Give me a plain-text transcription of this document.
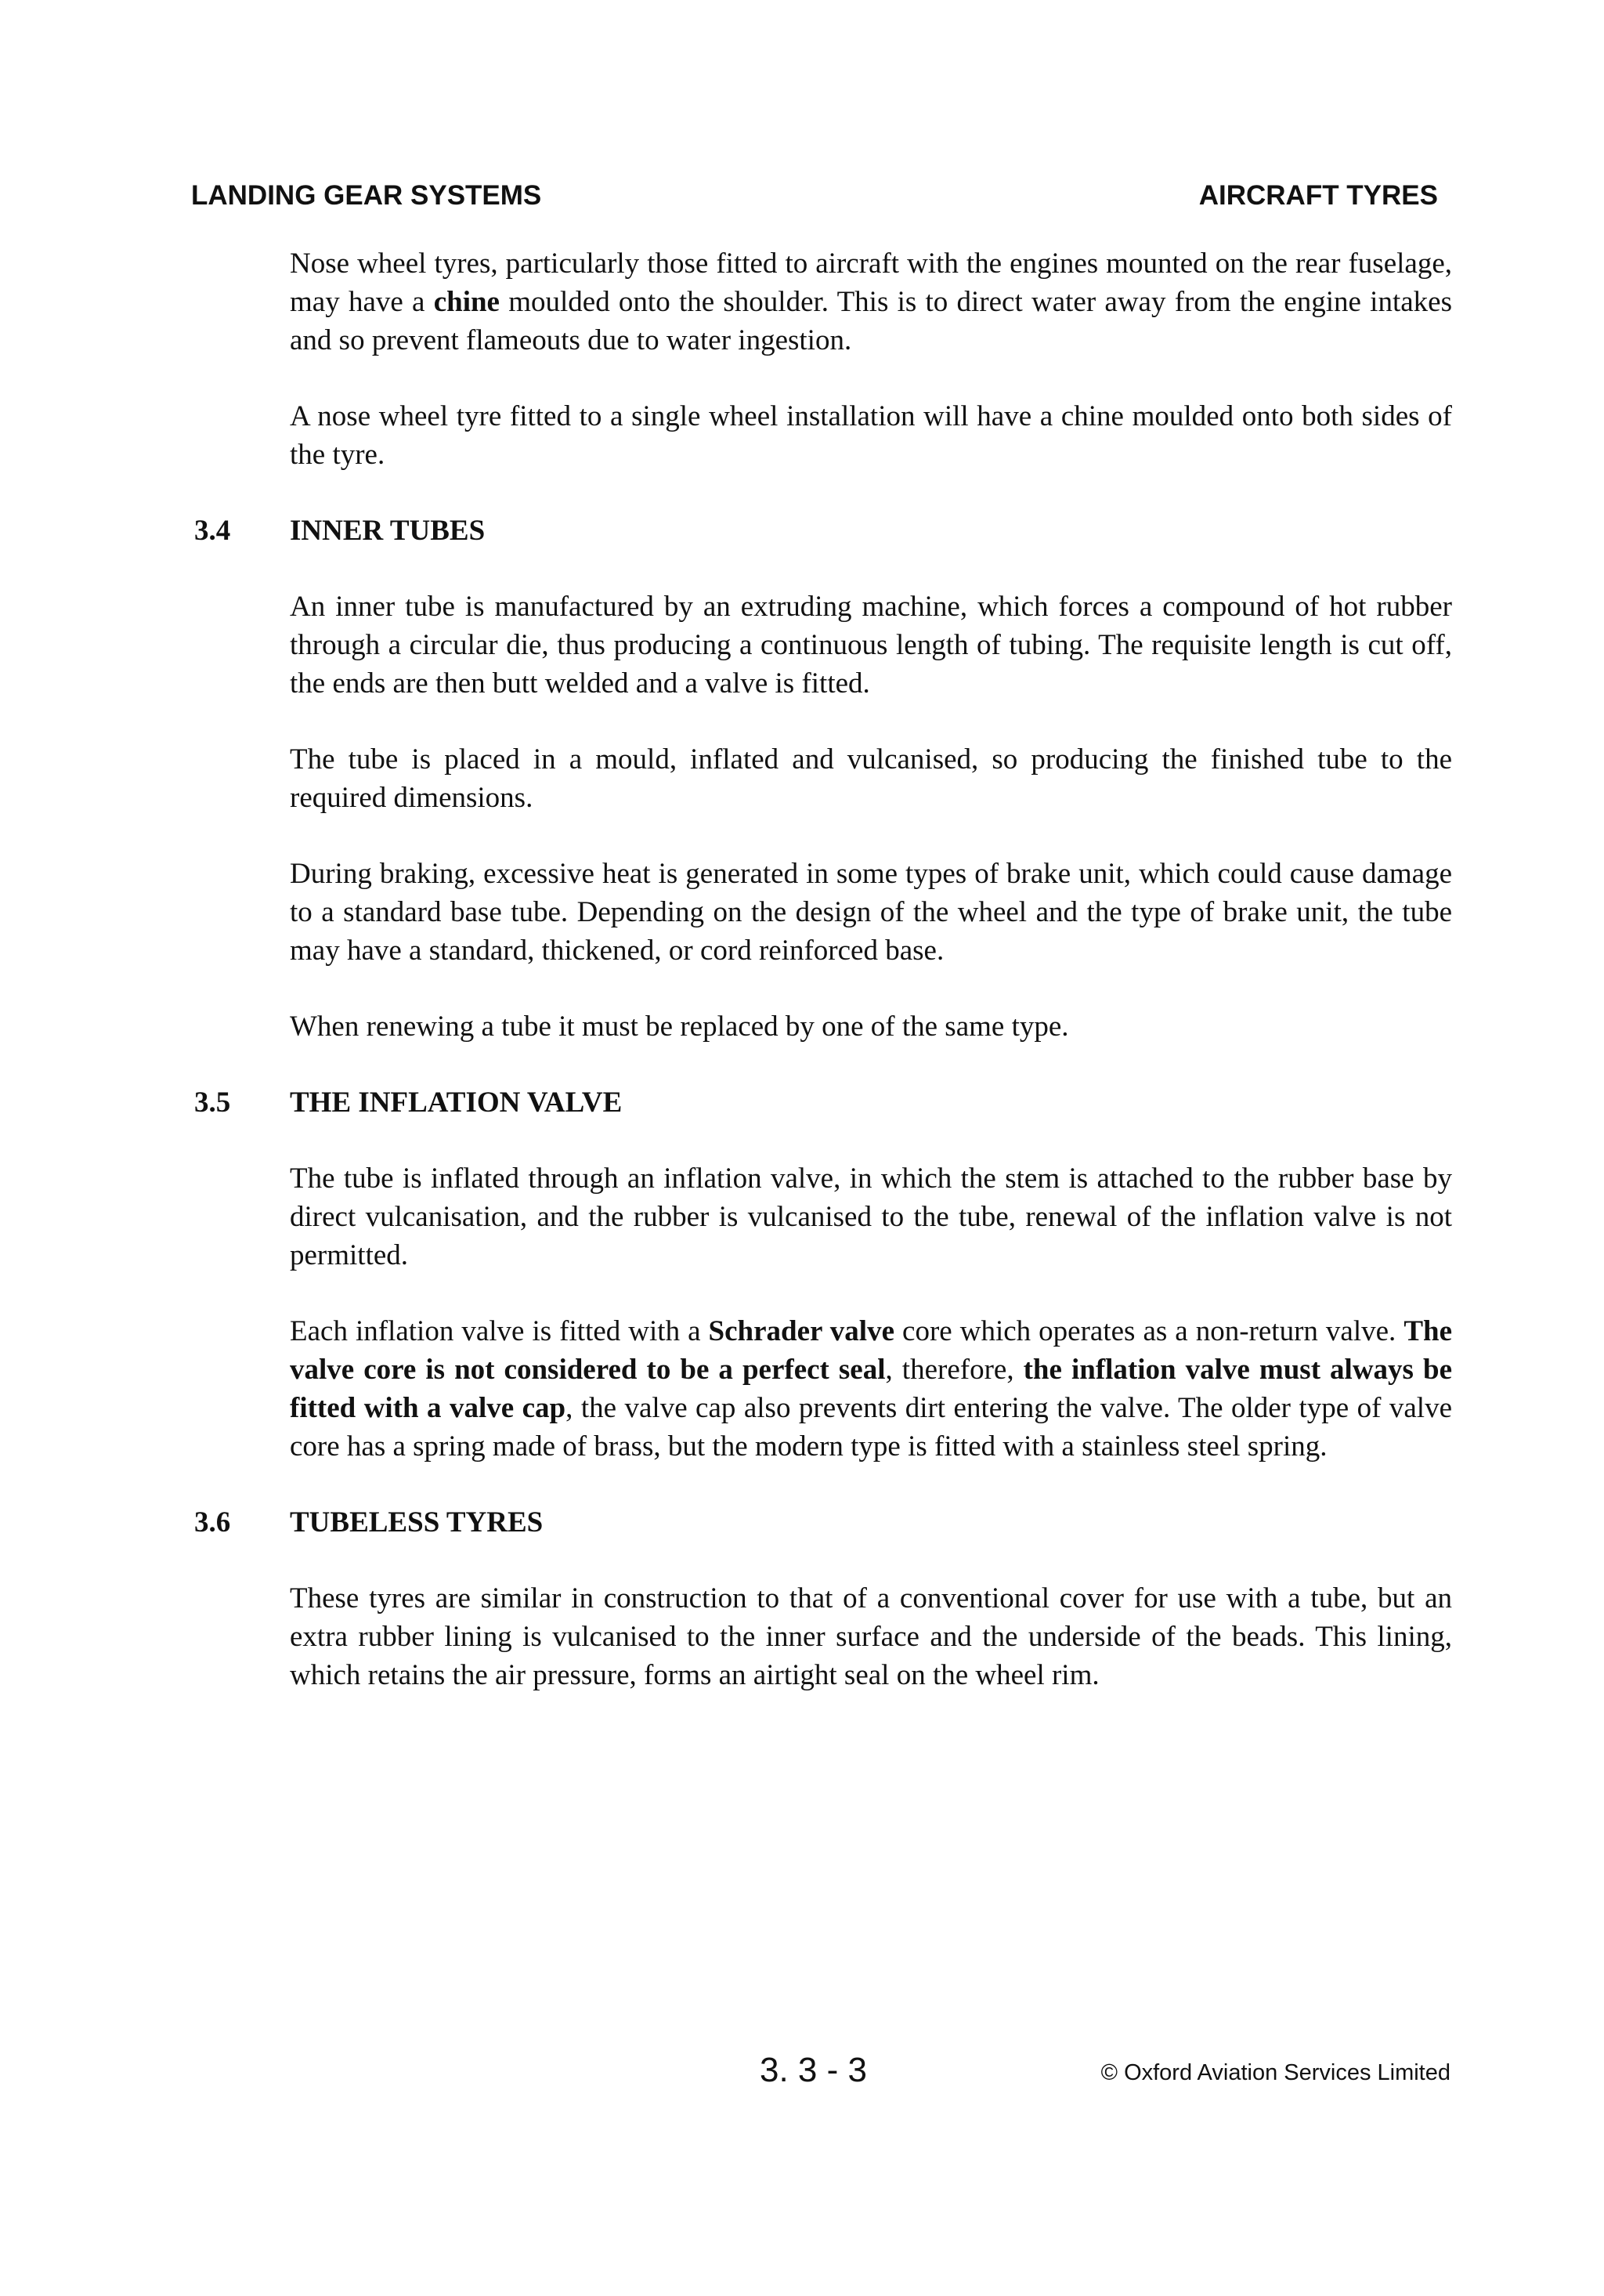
LANDING GEAR SYSTEMS	AIRCRAFT TYRES

Nose wheel tyres, particularly those fitted to aircraft with the engines mounted on the rear fuselage, may have a chine moulded onto the shoulder. This is to direct water away from the engine intakes and so prevent flameouts due to water ingestion.

A nose wheel tyre fitted to a single wheel installation will have a chine moulded onto both sides of the tyre.

3.4 INNER TUBES

An inner tube is manufactured by an extruding machine, which forces a compound of hot rubber through a circular die, thus producing a continuous length of tubing. The requisite length is cut off, the ends are then butt welded and a valve is fitted.

The tube is placed in a mould, inflated and vulcanised, so producing the finished tube to the required dimensions.

During braking, excessive heat is generated in some types of brake unit, which could cause damage to a standard base tube. Depending on the design of the wheel and the type of brake unit, the tube may have a standard, thickened, or cord reinforced base.

When renewing a tube it must be replaced by one of the same type.

3.5 THE INFLATION VALVE

The tube is inflated through an inflation valve, in which the stem is attached to the rubber base by direct vulcanisation, and the rubber is vulcanised to the tube, renewal of the inflation valve is not permitted.

Each inflation valve is fitted with a Schrader valve core which operates as a non-return valve. The valve core is not considered to be a perfect seal, therefore, the inflation valve must always be fitted with a valve cap, the valve cap also prevents dirt entering the valve. The older type of valve core has a spring made of brass, but the modern type is fitted with a stainless steel spring.

3.6 TUBELESS TYRES

These tyres are similar in construction to that of a conventional cover for use with a tube, but an extra rubber lining is vulcanised to the inner surface and the underside of the beads. This lining, which retains the air pressure, forms an airtight seal on the wheel rim.

3. 3 - 3	© Oxford Aviation Services Limited
